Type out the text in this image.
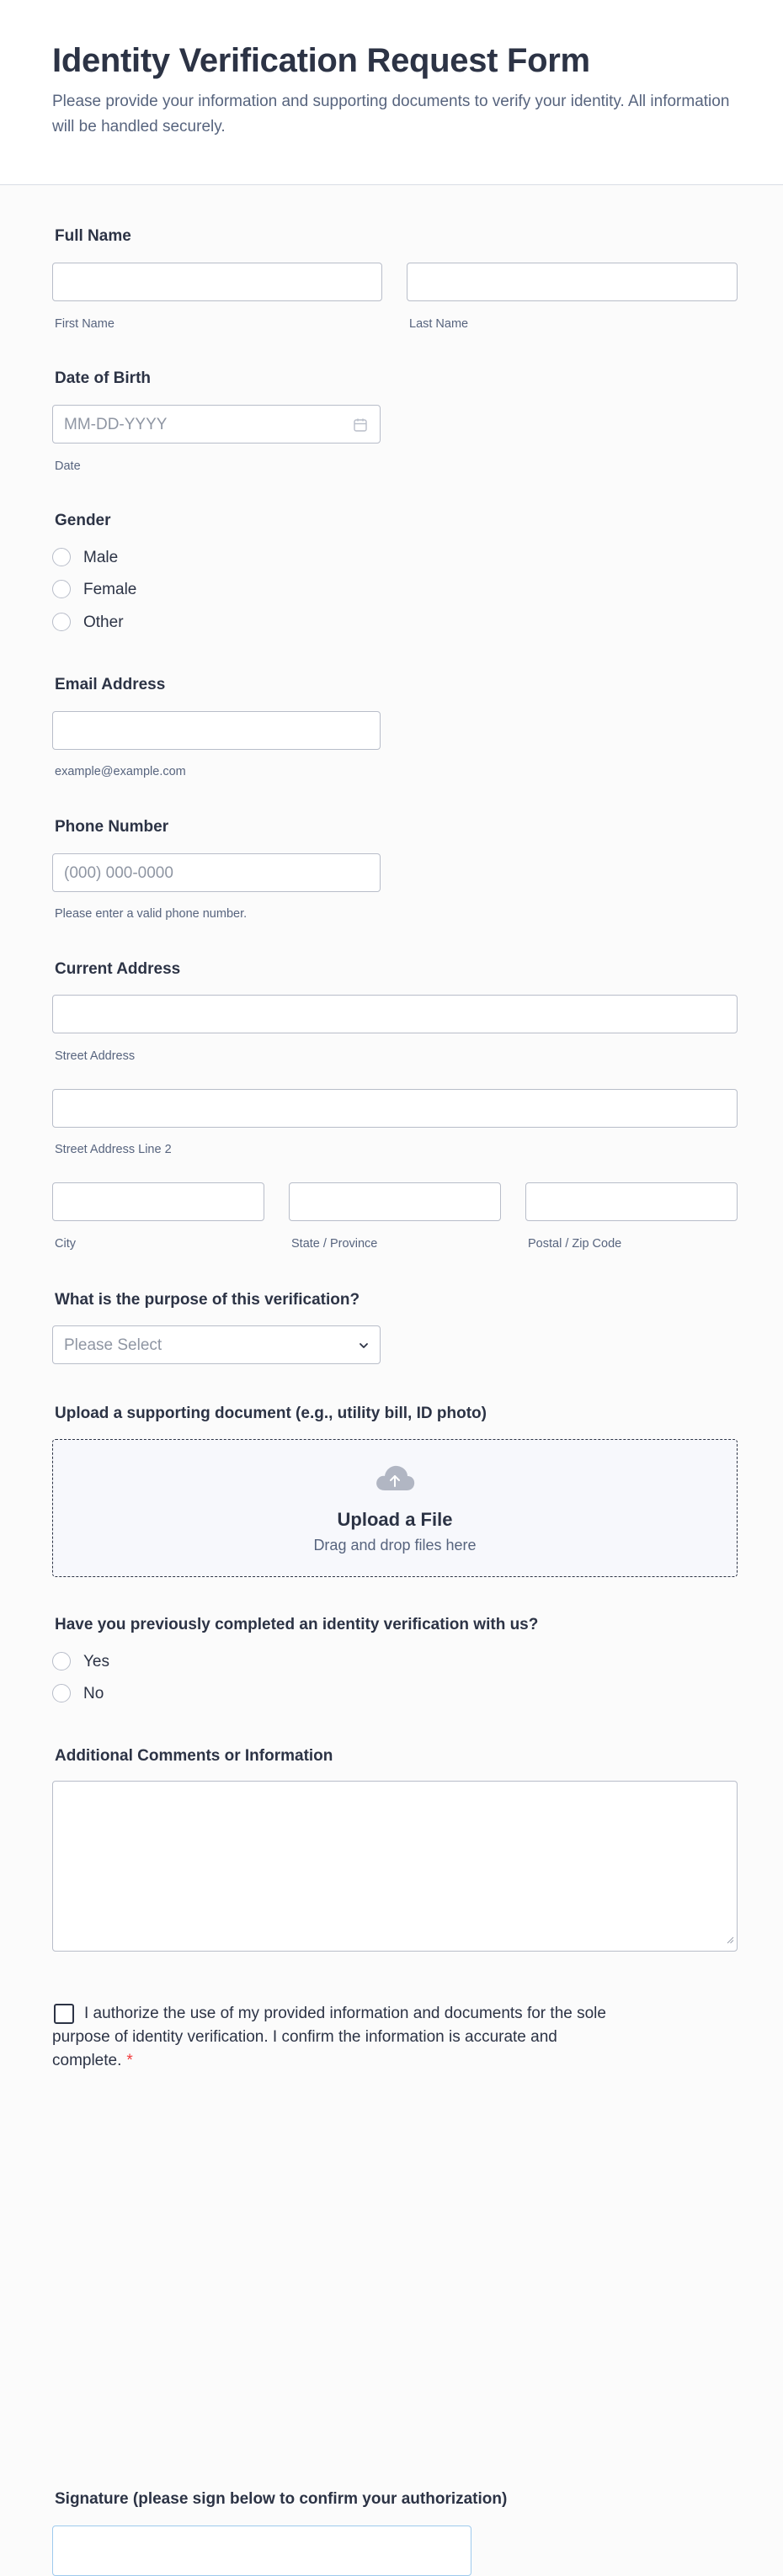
Identity Verification Request Form

Please provide your information and supporting documents to verify your identity. All information will be handled securely.

Full Name
First Name	Last Name
Date of Birth
MM-DD-YYYY
Date
Gender
Male
Female
Other
Email Address
example@example.com
Phone Number
(000) 000-0000
Please enter a valid phone number.
Current Address
Street Address
Street Address Line 2
City	State / Province	Postal / Zip Code
What is the purpose of this verification?
Please Select
Upload a supporting document (e.g., utility bill, ID photo)
Upload a File
Drag and drop files here
Have you previously completed an identity verification with us?
Yes
No
Additional Comments or Information

I authorize the use of my provided information and documents for the sole purpose of identity verification. I confirm the information is accurate and complete. *

Signature (please sign below to confirm your authorization)
